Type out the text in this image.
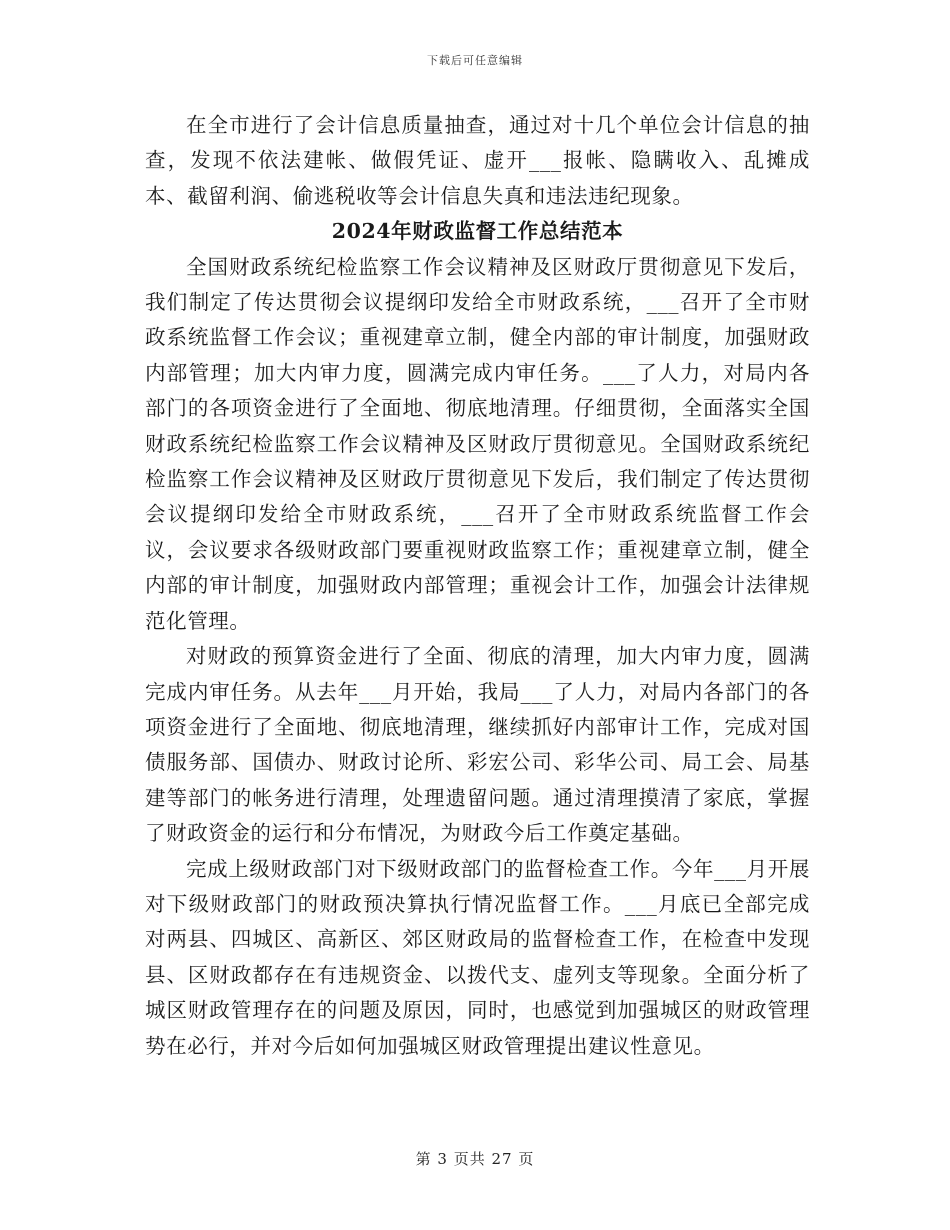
下载后可任意编辑

在全市进行了会计信息质量抽查，通过对十几个单位会计信息的抽查，发现不依法建帐、做假凭证、虚开___报帐、隐瞒收入、乱摊成本、截留利润、偷逃税收等会计信息失真和违法违纪现象。

2024年财政监督工作总结范本

全国财政系统纪检监察工作会议精神及区财政厅贯彻意见下发后，我们制定了传达贯彻会议提纲印发给全市财政系统，___召开了全市财政系统监督工作会议；重视建章立制，健全内部的审计制度，加强财政内部管理；加大内审力度，圆满完成内审任务。___了人力，对局内各部门的各项资金进行了全面地、彻底地清理。仔细贯彻，全面落实全国财政系统纪检监察工作会议精神及区财政厅贯彻意见。全国财政系统纪检监察工作会议精神及区财政厅贯彻意见下发后，我们制定了传达贯彻会议提纲印发给全市财政系统，___召开了全市财政系统监督工作会议，会议要求各级财政部门要重视财政监察工作；重视建章立制，健全内部的审计制度，加强财政内部管理；重视会计工作，加强会计法律规范化管理。

对财政的预算资金进行了全面、彻底的清理，加大内审力度，圆满完成内审任务。从去年___月开始，我局___了人力，对局内各部门的各项资金进行了全面地、彻底地清理，继续抓好内部审计工作，完成对国债服务部、国债办、财政讨论所、彩宏公司、彩华公司、局工会、局基建等部门的帐务进行清理，处理遗留问题。通过清理摸清了家底，掌握了财政资金的运行和分布情况，为财政今后工作奠定基础。

完成上级财政部门对下级财政部门的监督检查工作。今年___月开展对下级财政部门的财政预决算执行情况监督工作。___月底已全部完成对两县、四城区、高新区、郊区财政局的监督检查工作，在检查中发现县、区财政都存在有违规资金、以拨代支、虚列支等现象。全面分析了城区财政管理存在的问题及原因，同时，也感觉到加强城区的财政管理势在必行，并对今后如何加强城区财政管理提出建议性意见。

第 3 页共 27 页
